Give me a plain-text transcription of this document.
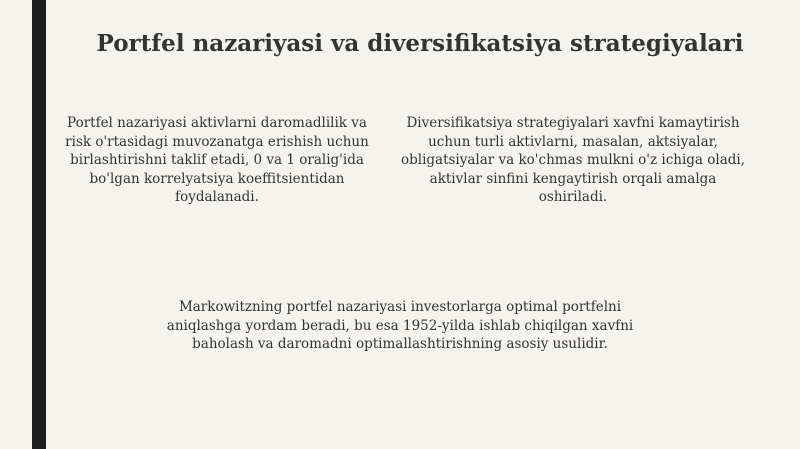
Portfel nazariyasi va diversifikatsiya strategiyalari
Portfel nazariyasi aktivlarni daromadlilik va risk o'rtasidagi muvozanatga erishish uchun birlashtirishni taklif etadi, 0 va 1 oralig'ida bo'lgan korrelyatsiya koeffitsientidan foydalanadi.
Diversifikatsiya strategiyalari xavfni kamaytirish uchun turli aktivlarni, masalan, aktsiyalar, obligatsiyalar va ko'chmas mulkni o'z ichiga oladi, aktivlar sinfini kengaytirish orqali amalga oshiriladi.
Markowitzning portfel nazariyasi investorlarga optimal portfelni aniqlashga yordam beradi, bu esa 1952-yilda ishlab chiqilgan xavfni baholash va daromadni optimallashtirishning asosiy usulidir.
